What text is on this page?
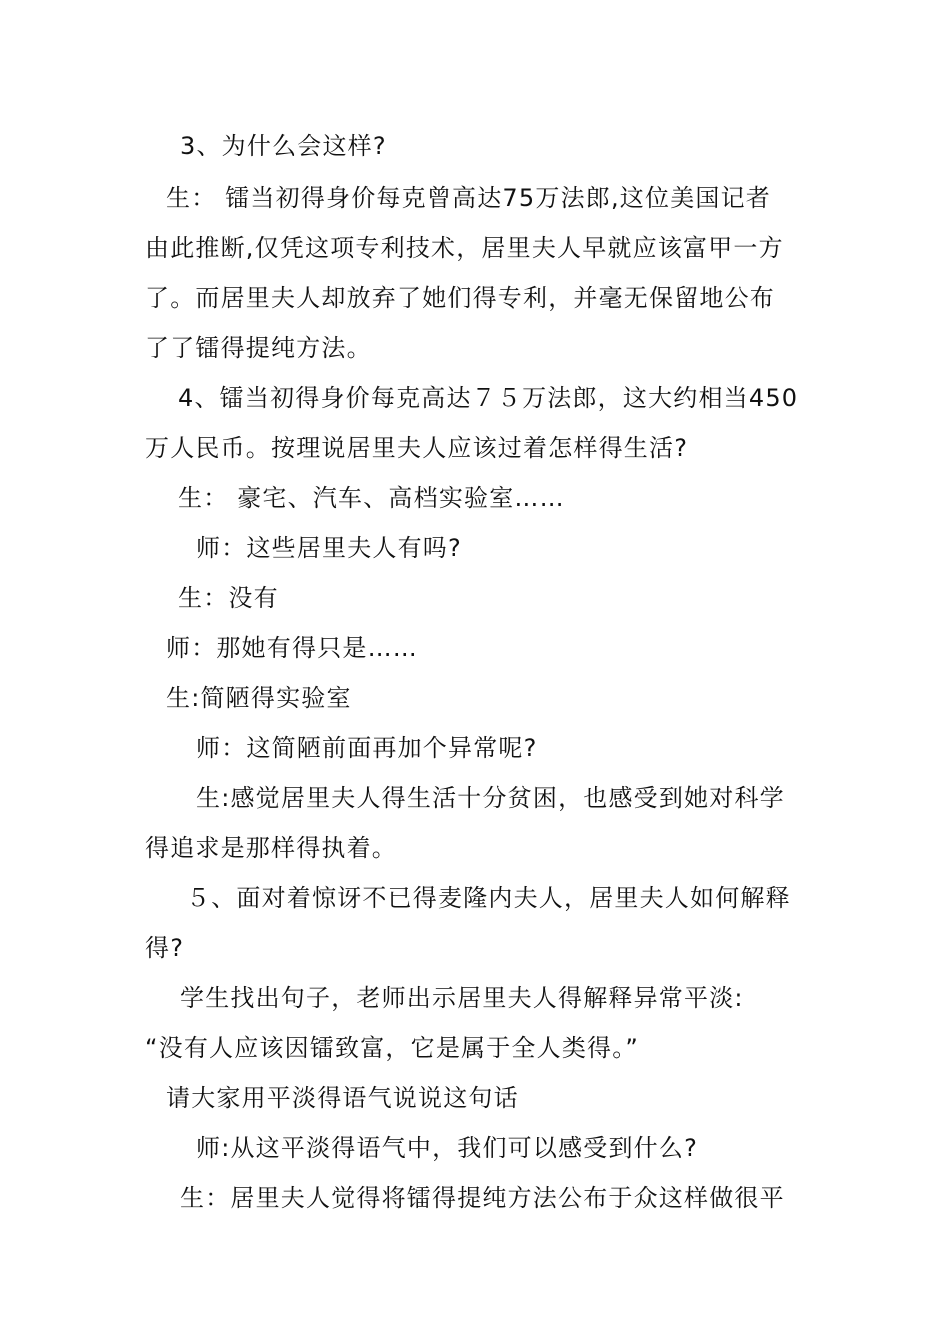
3、为什么会这样?
生： 镭当初得身价每克曾高达75万法郎,这位美国记者
由此推断,仅凭这项专利技术，居里夫人早就应该富甲一方
了。而居里夫人却放弃了她们得专利，并毫无保留地公布
了了镭得提纯方法。
4、镭当初得身价每克高达７５万法郎，这大约相当450
万人民币。按理说居里夫人应该过着怎样得生活?
生： 豪宅、汽车、高档实验室……
师：这些居里夫人有吗?
生：没有
师：那她有得只是……
生:简陋得实验室
师：这简陋前面再加个异常呢?
生:感觉居里夫人得生活十分贫困，也感受到她对科学
得追求是那样得执着。
５、面对着惊讶不已得麦隆内夫人，居里夫人如何解释
得?
学生找出句子，老师出示居里夫人得解释异常平淡:
“没有人应该因镭致富，它是属于全人类得。”
请大家用平淡得语气说说这句话
师:从这平淡得语气中，我们可以感受到什么?
生：居里夫人觉得将镭得提纯方法公布于众这样做很平
